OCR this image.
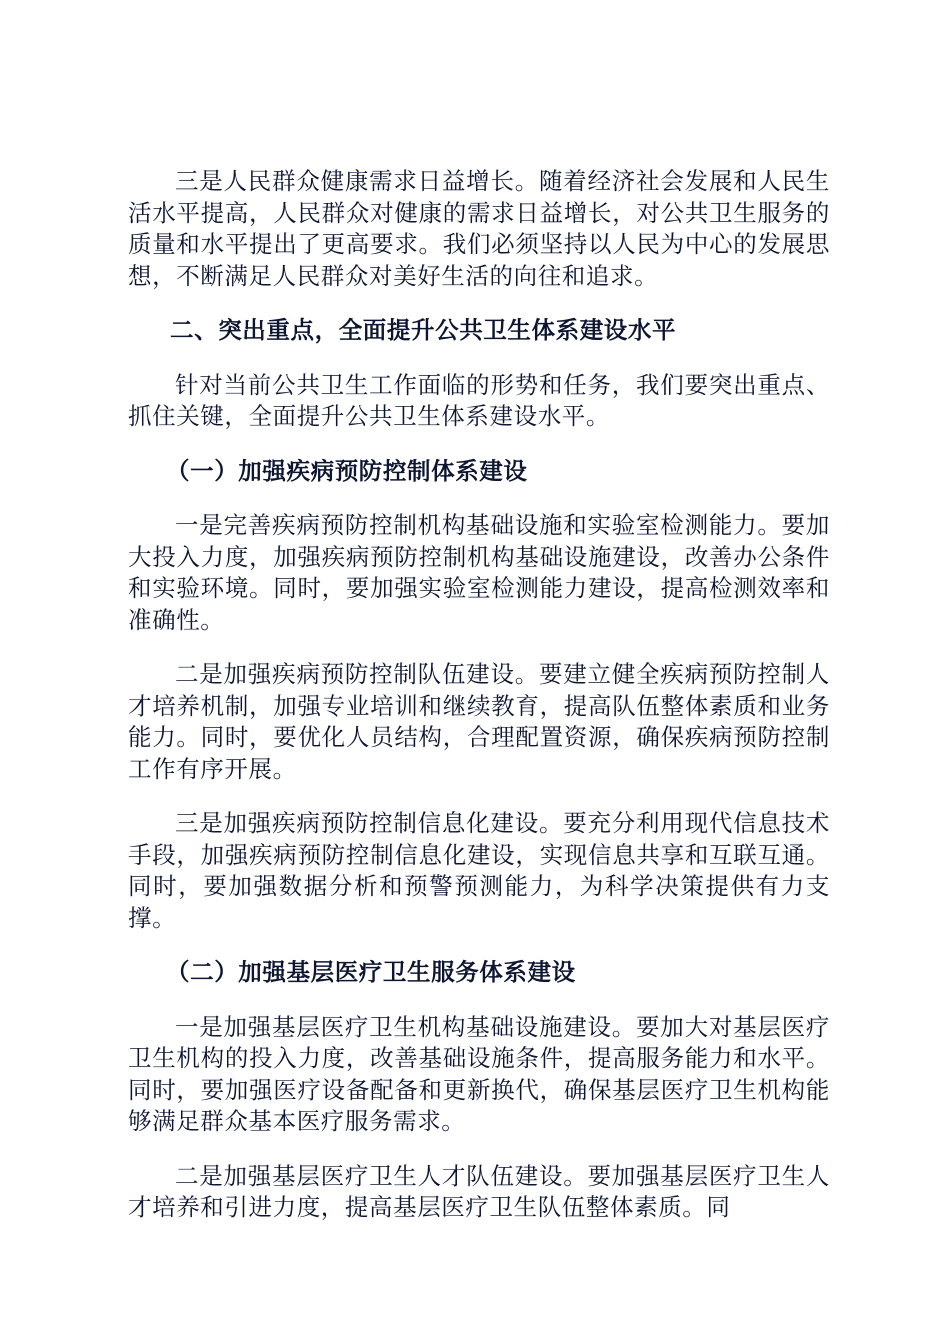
三是人民群众健康需求日益增长。随着经济社会发展和人民生活水平提高，人民群众对健康的需求日益增长，对公共卫生服务的质量和水平提出了更高要求。我们必须坚持以人民为中心的发展思想，不断满足人民群众对美好生活的向往和追求。

二、突出重点，全面提升公共卫生体系建设水平

针对当前公共卫生工作面临的形势和任务，我们要突出重点、抓住关键，全面提升公共卫生体系建设水平。

（一）加强疾病预防控制体系建设

一是完善疾病预防控制机构基础设施和实验室检测能力。要加大投入力度，加强疾病预防控制机构基础设施建设，改善办公条件和实验环境。同时，要加强实验室检测能力建设，提高检测效率和准确性。

二是加强疾病预防控制队伍建设。要建立健全疾病预防控制人才培养机制，加强专业培训和继续教育，提高队伍整体素质和业务能力。同时，要优化人员结构，合理配置资源，确保疾病预防控制工作有序开展。

三是加强疾病预防控制信息化建设。要充分利用现代信息技术手段，加强疾病预防控制信息化建设，实现信息共享和互联互通。同时，要加强数据分析和预警预测能力，为科学决策提供有力支撑。

（二）加强基层医疗卫生服务体系建设

一是加强基层医疗卫生机构基础设施建设。要加大对基层医疗卫生机构的投入力度，改善基础设施条件，提高服务能力和水平。同时，要加强医疗设备配备和更新换代，确保基层医疗卫生机构能够满足群众基本医疗服务需求。

二是加强基层医疗卫生人才队伍建设。要加强基层医疗卫生人才培养和引进力度，提高基层医疗卫生队伍整体素质。同
